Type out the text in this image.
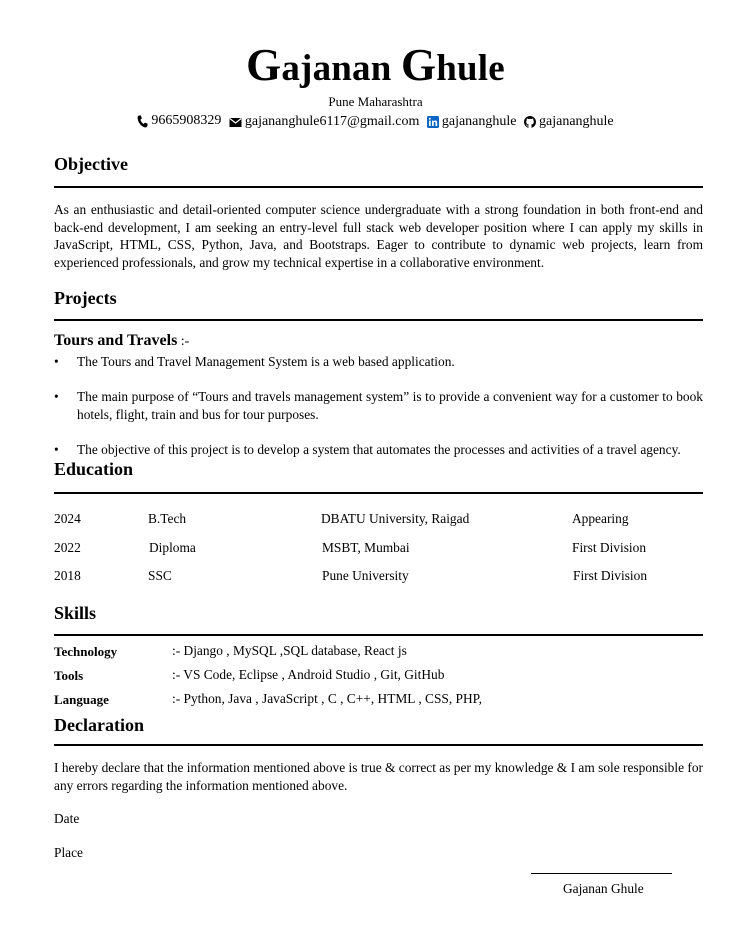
Gajanan Ghule
Pune Maharashtra
9665908329
gajananghule6117@gmail.com
gajananghule
gajananghule
Objective
As an enthusiastic and detail-oriented computer science undergraduate with a strong foundation in both front-end and back-end development, I am seeking an entry-level full stack web developer position where I can apply my skills in JavaScript, HTML, CSS, Python, Java, and Bootstraps. Eager to contribute to dynamic web projects, learn from experienced professionals, and grow my technical expertise in a collaborative environment.
Projects
Tours and Travels :-
• The Tours and Travel Management System is a web based application.
• The main purpose of “Tours and travels management system” is to provide a convenient way for a customer to book hotels, flight, train and bus for tour purposes.
• The objective of this project is to develop a system that automates the processes and activities of a travel agency.
Education
2024	B.Tech	DBATU University, Raigad	Appearing
2022	Diploma	MSBT, Mumbai	First Division
2018	SSC	Pune University	First Division
Skills
Technology	:- Django , MySQL ,SQL database, React js
Tools	:- VS Code, Eclipse , Android Studio , Git, GitHub
Language	:- Python, Java , JavaScript , C , C++, HTML , CSS, PHP,
Declaration
I hereby declare that the information mentioned above is true & correct as per my knowledge & I am sole responsible for any errors regarding the information mentioned above.
Date
Place
Gajanan Ghule
